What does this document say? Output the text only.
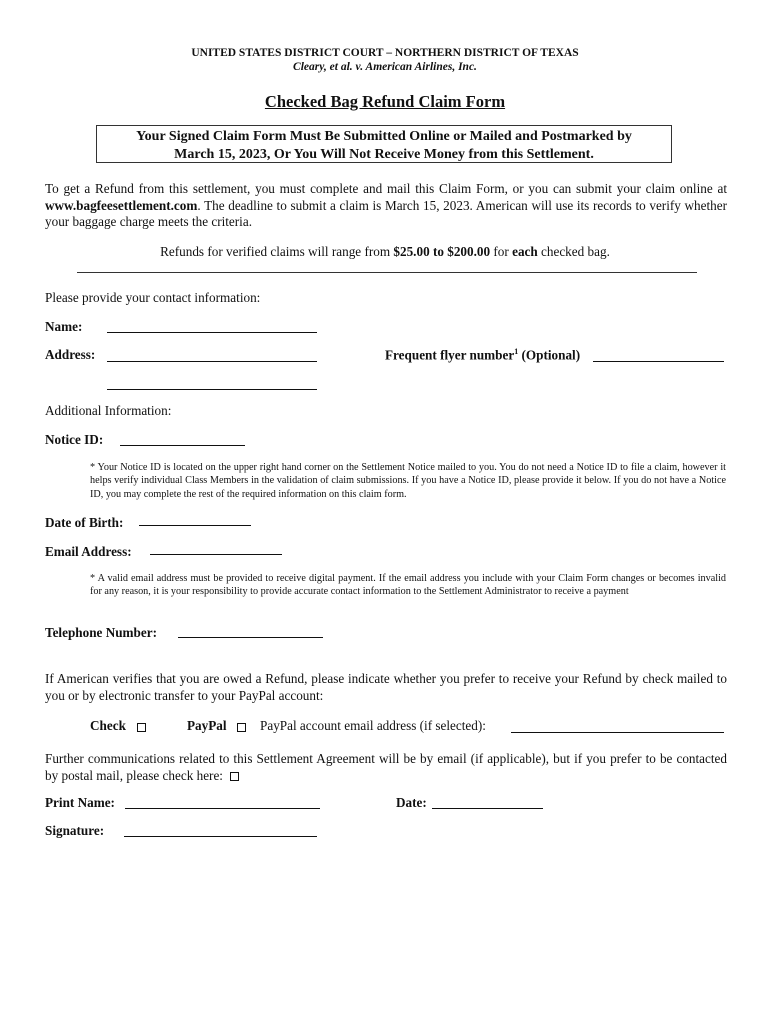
UNITED STATES DISTRICT COURT – NORTHERN DISTRICT OF TEXAS
Cleary, et al. v. American Airlines, Inc.
Checked Bag Refund Claim Form
Your Signed Claim Form Must Be Submitted Online or Mailed and Postmarked by
March 15, 2023, Or You Will Not Receive Money from this Settlement.
To get a Refund from this settlement, you must complete and mail this Claim Form, or you can submit your claim online at www.bagfeesettlement.com. The deadline to submit a claim is March 15, 2023. American will use its records to verify whether your baggage charge meets the criteria.
Refunds for verified claims will range from $25.00 to $200.00 for each checked bag.
Please provide your contact information:
Name:
Address:	Frequent flyer number$^1$ (Optional)
Additional Information:
Notice ID:
* Your Notice ID is located on the upper right hand corner on the Settlement Notice mailed to you. You do not need a Notice ID to file a claim, however it helps verify individual Class Members in the validation of claim submissions. If you have a Notice ID, please provide it below. If you do not have a Notice ID, you may complete the rest of the required information on this claim form.
Date of Birth:
Email Address:
* A valid email address must be provided to receive digital payment. If the email address you include with your Claim Form changes or becomes invalid for any reason, it is your responsibility to provide accurate contact information to the Settlement Administrator to receive a payment
Telephone Number:
If American verifies that you are owed a Refund, please indicate whether you prefer to receive your Refund by check mailed to you or by electronic transfer to your PayPal account:
Check	PayPal	PayPal account email address (if selected):
Further communications related to this Settlement Agreement will be by email (if applicable), but if you prefer to be contacted by postal mail, please check here:
Print Name:	Date:
Signature:
